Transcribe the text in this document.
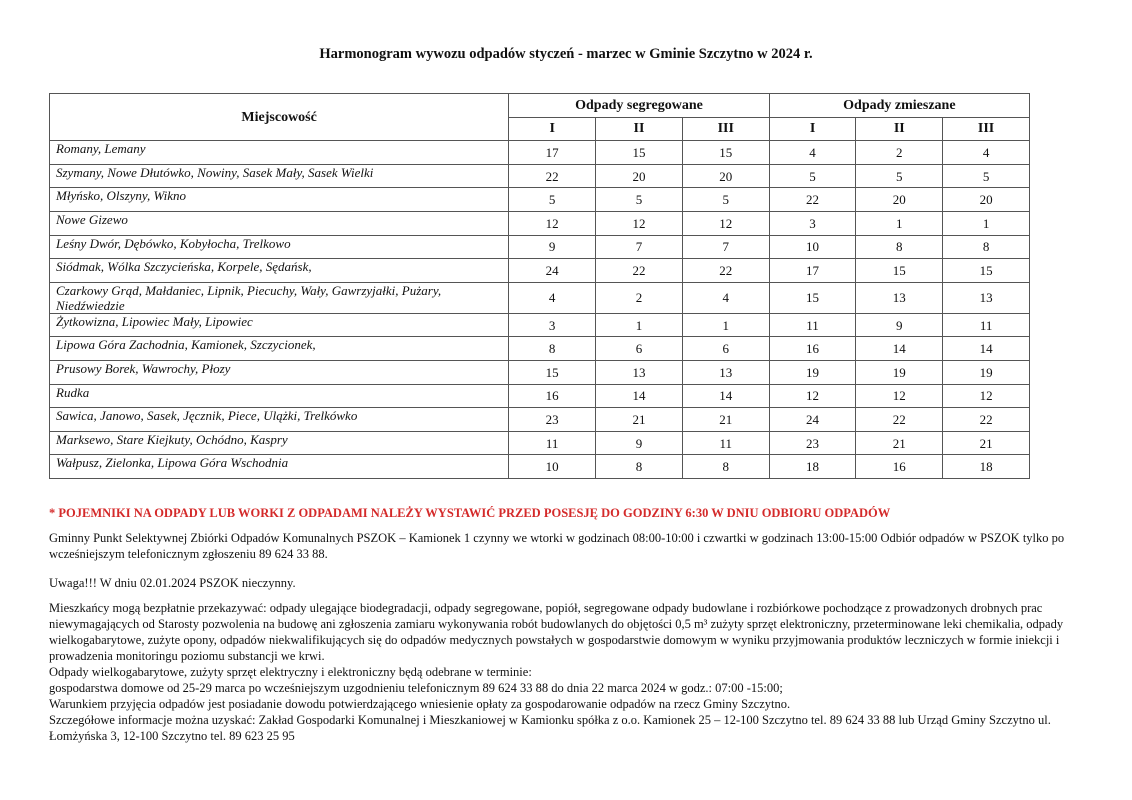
Harmonogram wywozu odpadów styczeń - marzec w Gminie Szczytno w 2024 r.
Miejscowość	Odpady segregowane			Odpady zmieszane		
	I	II	III	I	II	III
Romany, Lemany	17	15	15	4	2	4
Szymany, Nowe Dłutówko, Nowiny, Sasek Mały, Sasek Wielki	22	20	20	5	5	5
Młyńsko, Olszyny, Wikno	5	5	5	22	20	20
Nowe Gizewo	12	12	12	3	1	1
Leśny Dwór, Dębówko, Kobyłocha, Trelkowo	9	7	7	10	8	8
Siódmak, Wólka Szczycieńska, Korpele, Sędańsk,	24	22	22	17	15	15
Czarkowy Grąd, Małdaniec, Lipnik, Piecuchy, Wały, Gawrzyjałki, Pużary, Niedźwiedzie	4	2	4	15	13	13
Żytkowizna, Lipowiec Mały, Lipowiec	3	1	1	11	9	11
Lipowa Góra Zachodnia, Kamionek, Szczycionek,	8	6	6	16	14	14
Prusowy Borek, Wawrochy, Płozy	15	13	13	19	19	19
Rudka	16	14	14	12	12	12
Sawica, Janowo, Sasek, Jęcznik, Piece, Ulążki, Trelkówko	23	21	21	24	22	22
Marksewo, Stare Kiejkuty, Ochódno, Kaspry	11	9	11	23	21	21
Wałpusz, Zielonka, Lipowa Góra Wschodnia	10	8	8	18	16	18
* POJEMNIKI NA ODPADY LUB WORKI Z ODPADAMI NALEŻY WYSTAWIĆ PRZED POSESJĘ DO GODZINY 6:30 W DNIU ODBIORU ODPADÓW
Gminny Punkt Selektywnej Zbiórki Odpadów Komunalnych PSZOK – Kamionek 1 czynny we wtorki w godzinach 08:00-10:00 i czwartki w godzinach 13:00-15:00 Odbiór odpadów w PSZOK tylko po wcześniejszym telefonicznym zgłoszeniu 89 624 33 88.
Uwaga!!! W dniu 02.01.2024 PSZOK nieczynny.
Mieszkańcy mogą bezpłatnie przekazywać: odpady ulegające biodegradacji, odpady segregowane, popiół, segregowane odpady budowlane i rozbiórkowe pochodzące z prowadzonych drobnych prac niewymagających od Starosty pozwolenia na budowę ani zgłoszenia zamiaru wykonywania robót budowlanych do objętości 0,5 m³ zużyty sprzęt elektroniczny, przeterminowane leki chemikalia, odpady wielkogabarytowe, zużyte opony, odpadów niekwalifikujących się do odpadów medycznych powstałych w gospodarstwie domowym w wyniku przyjmowania produktów leczniczych w formie iniekcji i prowadzenia monitoringu poziomu substancji we krwi.
Odpady wielkogabarytowe, zużyty sprzęt elektryczny i elektroniczny będą odebrane w terminie:
gospodarstwa domowe od 25-29 marca po wcześniejszym uzgodnieniu telefonicznym 89 624 33 88 do dnia 22 marca 2024 w godz.: 07:00 -15:00;
Warunkiem przyjęcia odpadów jest posiadanie dowodu potwierdzającego wniesienie opłaty za gospodarowanie odpadów na rzecz Gminy Szczytno.
Szczegółowe informacje można uzyskać: Zakład Gospodarki Komunalnej i Mieszkaniowej w Kamionku spółka z o.o. Kamionek 25 – 12-100 Szczytno tel. 89 624 33 88 lub Urząd Gminy Szczytno ul. Łomżyńska 3, 12-100 Szczytno tel. 89 623 25 95
